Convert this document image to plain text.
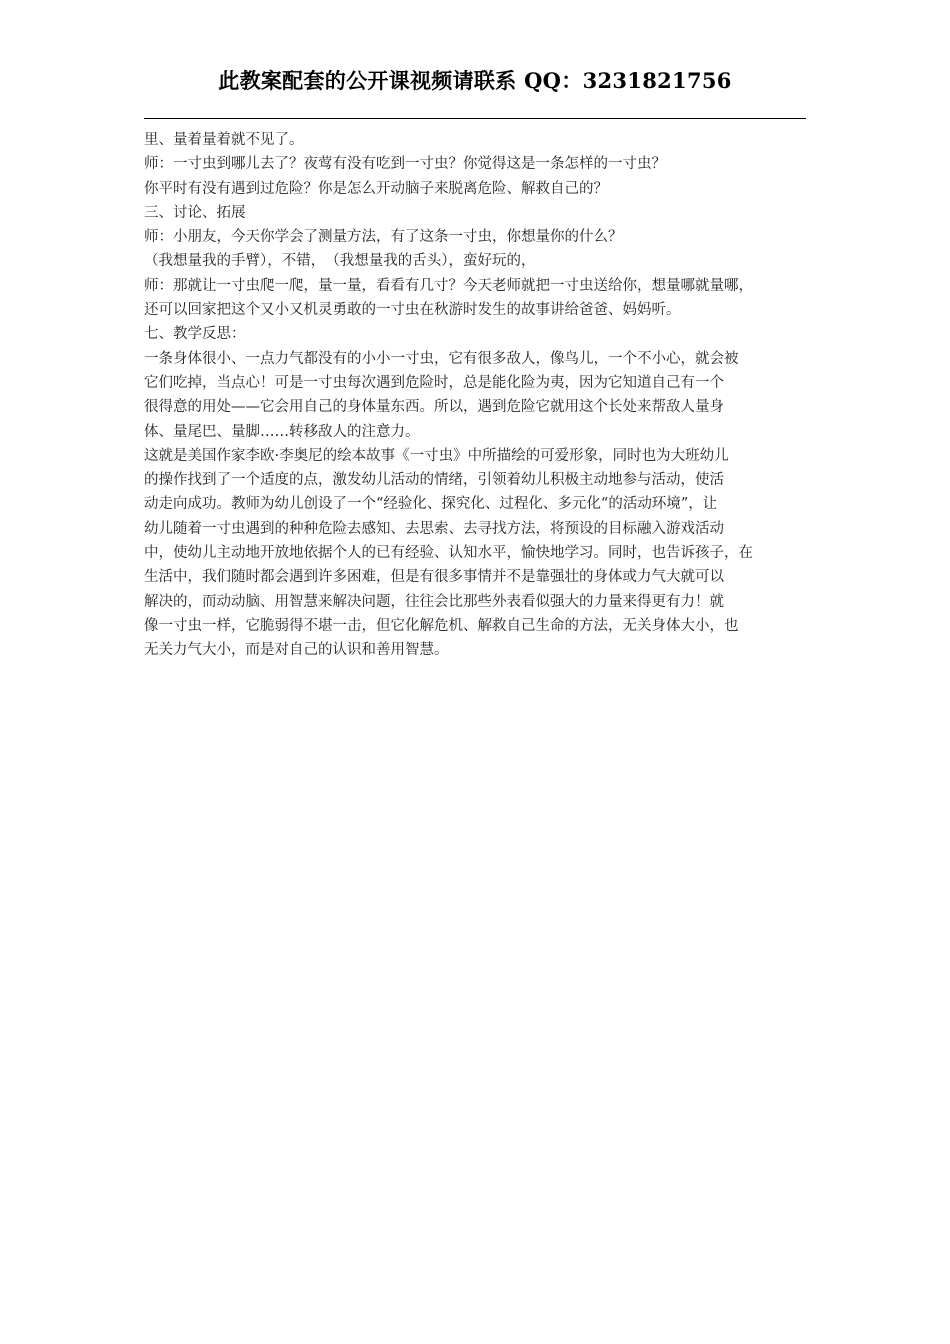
此教案配套的公开课视频请联系 QQ：3231821756
里、量着量着就不见了。
师：一寸虫到哪儿去了？夜莺有没有吃到一寸虫？你觉得这是一条怎样的一寸虫？
你平时有没有遇到过危险？你是怎么开动脑子来脱离危险、解救自己的？
三、讨论、拓展
师：小朋友，今天你学会了测量方法，有了这条一寸虫，你想量你的什么？
（我想量我的手臂），不错，　（我想量我的舌头），蛮好玩的，
师：那就让一寸虫爬一爬，量一量，看看有几寸？今天老师就把一寸虫送给你，想量哪就量哪，
还可以回家把这个又小又机灵勇敢的一寸虫在秋游时发生的故事讲给爸爸、妈妈听。
七、教学反思：
一条身体很小、一点力气都没有的小小一寸虫，它有很多敌人，像鸟儿，一个不小心，就会被
它们吃掉，当点心！可是一寸虫每次遇到危险时，总是能化险为夷，因为它知道自己有一个
很得意的用处——它会用自己的身体量东西。所以，遇到危险它就用这个长处来帮敌人量身
体、量尾巴、量脚……转移敌人的注意力。
这就是美国作家李欧·李奥尼的绘本故事《一寸虫》中所描绘的可爱形象，同时也为大班幼儿
的操作找到了一个适度的点，激发幼儿活动的情绪，引领着幼儿积极主动地参与活动，使活
动走向成功。教师为幼儿创设了一个“经验化、探究化、过程化、多元化“的活动环境”，让
幼儿随着一寸虫遇到的种种危险去感知、去思索、去寻找方法，将预设的目标融入游戏活动
中，使幼儿主动地开放地依据个人的已有经验、认知水平，愉快地学习。同时，也告诉孩子，在
生活中，我们随时都会遇到许多困难，但是有很多事情并不是靠强壮的身体或力气大就可以
解决的，而动动脑、用智慧来解决问题，往往会比那些外表看似强大的力量来得更有力！就
像一寸虫一样，它脆弱得不堪一击，但它化解危机、解救自己生命的方法，无关身体大小，也
无关力气大小，而是对自己的认识和善用智慧。
